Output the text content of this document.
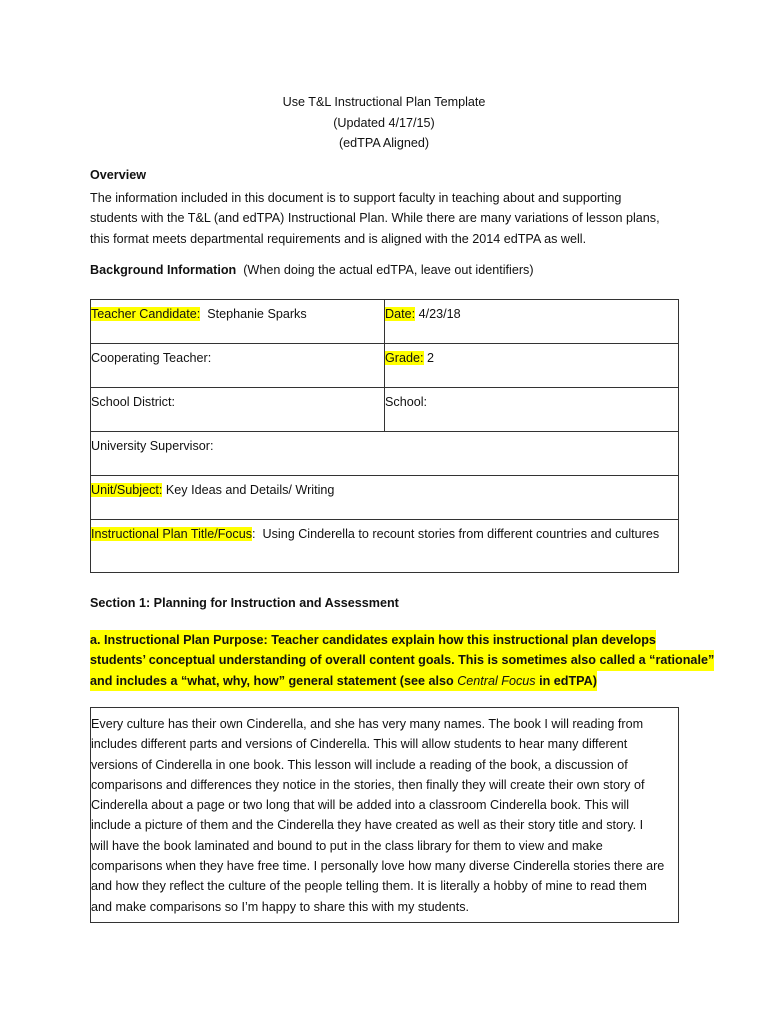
Use T&L Instructional Plan Template
(Updated 4/17/15)
(edTPA Aligned)
Overview
The information included in this document is to support faculty in teaching about and supporting
students with the T&L (and edTPA) Instructional Plan. While there are many variations of lesson plans,
this format meets departmental requirements and is aligned with the 2014 edTPA as well.
Background Information (When doing the actual edTPA, leave out identifiers)
Teacher Candidate: Stephanie Sparks	Date: 4/23/18
Cooperating Teacher:	Grade: 2
School District:	School:
University Supervisor:	
Unit/Subject: Key Ideas and Details/ Writing	
Instructional Plan Title/Focus:  Using Cinderella to recount stories from different countries and cultures	
Section 1: Planning for Instruction and Assessment
a. Instructional Plan Purpose: Teacher candidates explain how this instructional plan develops
students’ conceptual understanding of overall content goals. This is sometimes also called a “rationale”
and includes a “what, why, how” general statement (see also Central Focus in edTPA)
Every culture has their own Cinderella, and she has very many names. The book I will reading from
includes different parts and versions of Cinderella. This will allow students to hear many different
versions of Cinderella in one book. This lesson will include a reading of the book, a discussion of
comparisons and differences they notice in the stories, then finally they will create their own story of
Cinderella about a page or two long that will be added into a classroom Cinderella book. This will
include a picture of them and the Cinderella they have created as well as their story title and story. I
will have the book laminated and bound to put in the class library for them to view and make
comparisons when they have free time. I personally love how many diverse Cinderella stories there are
and how they reflect the culture of the people telling them. It is literally a hobby of mine to read them
and make comparisons so I’m happy to share this with my students.
